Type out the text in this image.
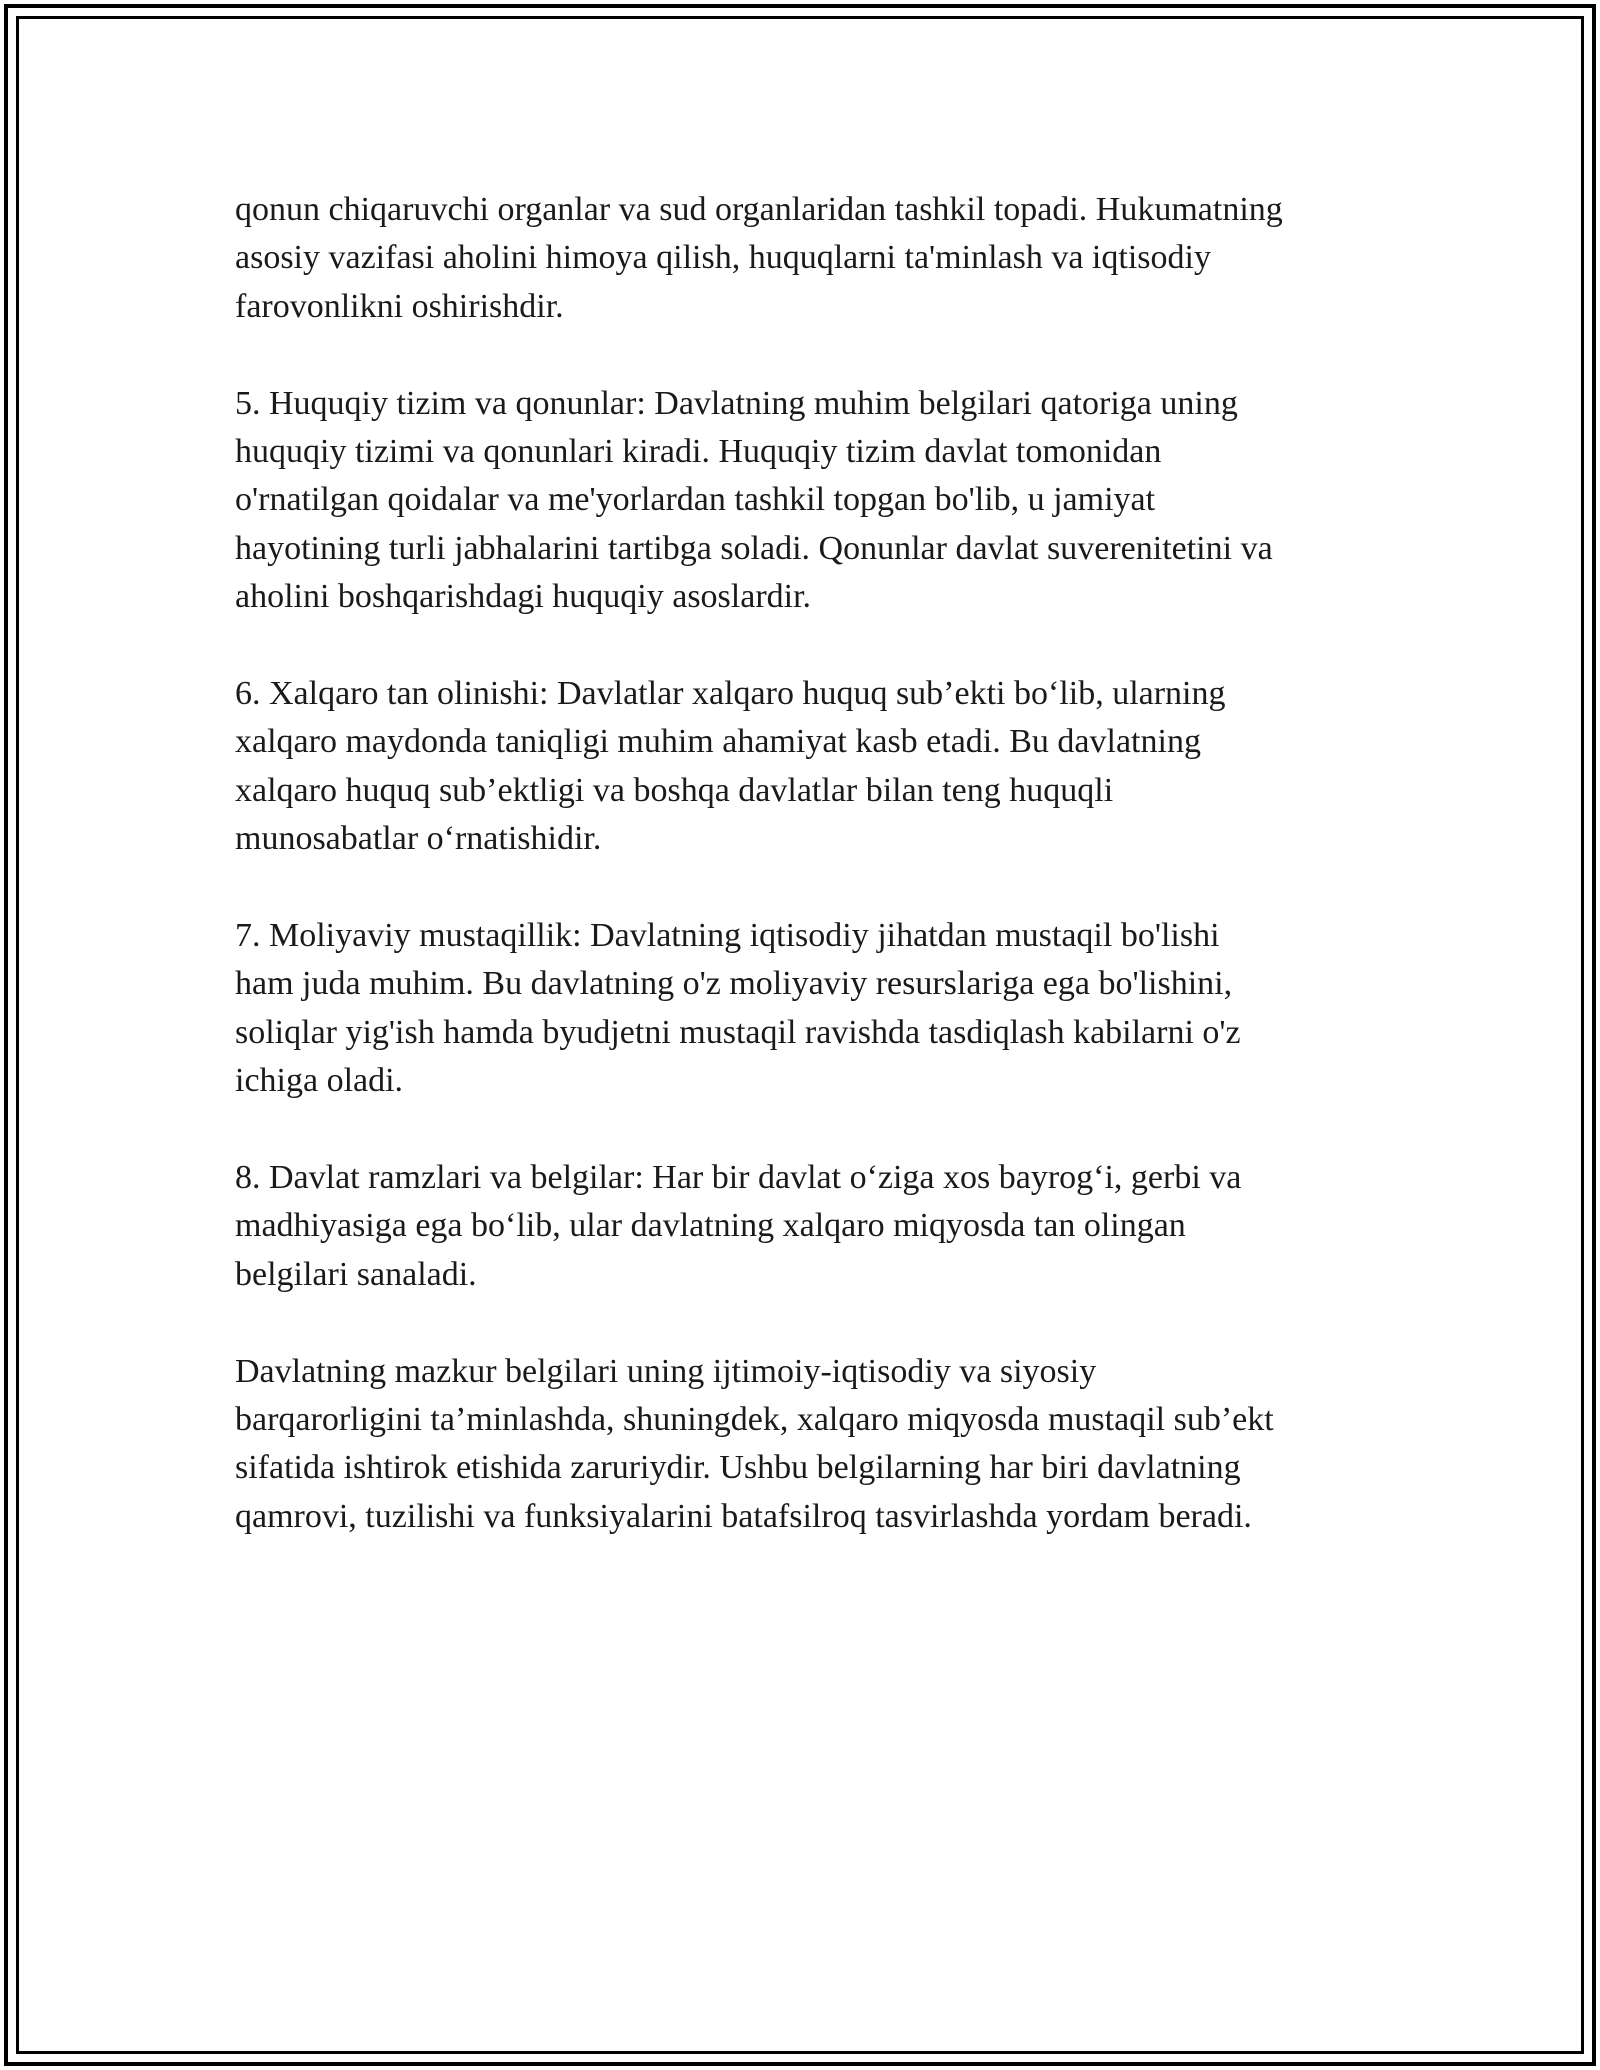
qonun chiqaruvchi organlar va sud organlaridan tashkil topadi. Hukumatning
asosiy vazifasi aholini himoya qilish, huquqlarni ta'minlash va iqtisodiy
farovonlikni oshirishdir.

5. Huquqiy tizim va qonunlar: Davlatning muhim belgilari qatoriga uning
huquqiy tizimi va qonunlari kiradi. Huquqiy tizim davlat tomonidan
o'rnatilgan qoidalar va me'yorlardan tashkil topgan bo'lib, u jamiyat
hayotining turli jabhalarini tartibga soladi. Qonunlar davlat suverenitetini va
aholini boshqarishdagi huquqiy asoslardir.

6. Xalqaro tan olinishi: Davlatlar xalqaro huquq sub’ekti bo‘lib, ularning
xalqaro maydonda taniqligi muhim ahamiyat kasb etadi. Bu davlatning
xalqaro huquq sub’ektligi va boshqa davlatlar bilan teng huquqli
munosabatlar o‘rnatishidir.

7. Moliyaviy mustaqillik: Davlatning iqtisodiy jihatdan mustaqil bo'lishi
ham juda muhim. Bu davlatning o'z moliyaviy resurslariga ega bo'lishini,
soliqlar yig'ish hamda byudjetni mustaqil ravishda tasdiqlash kabilarni o'z
ichiga oladi.

8. Davlat ramzlari va belgilar: Har bir davlat o‘ziga xos bayrog‘i, gerbi va
madhiyasiga ega bo‘lib, ular davlatning xalqaro miqyosda tan olingan
belgilari sanaladi.

Davlatning mazkur belgilari uning ijtimoiy-iqtisodiy va siyosiy
barqarorligini ta’minlashda, shuningdek, xalqaro miqyosda mustaqil sub’ekt
sifatida ishtirok etishida zaruriydir. Ushbu belgilarning har biri davlatning
qamrovi, tuzilishi va funksiyalarini batafsilroq tasvirlashda yordam beradi.
